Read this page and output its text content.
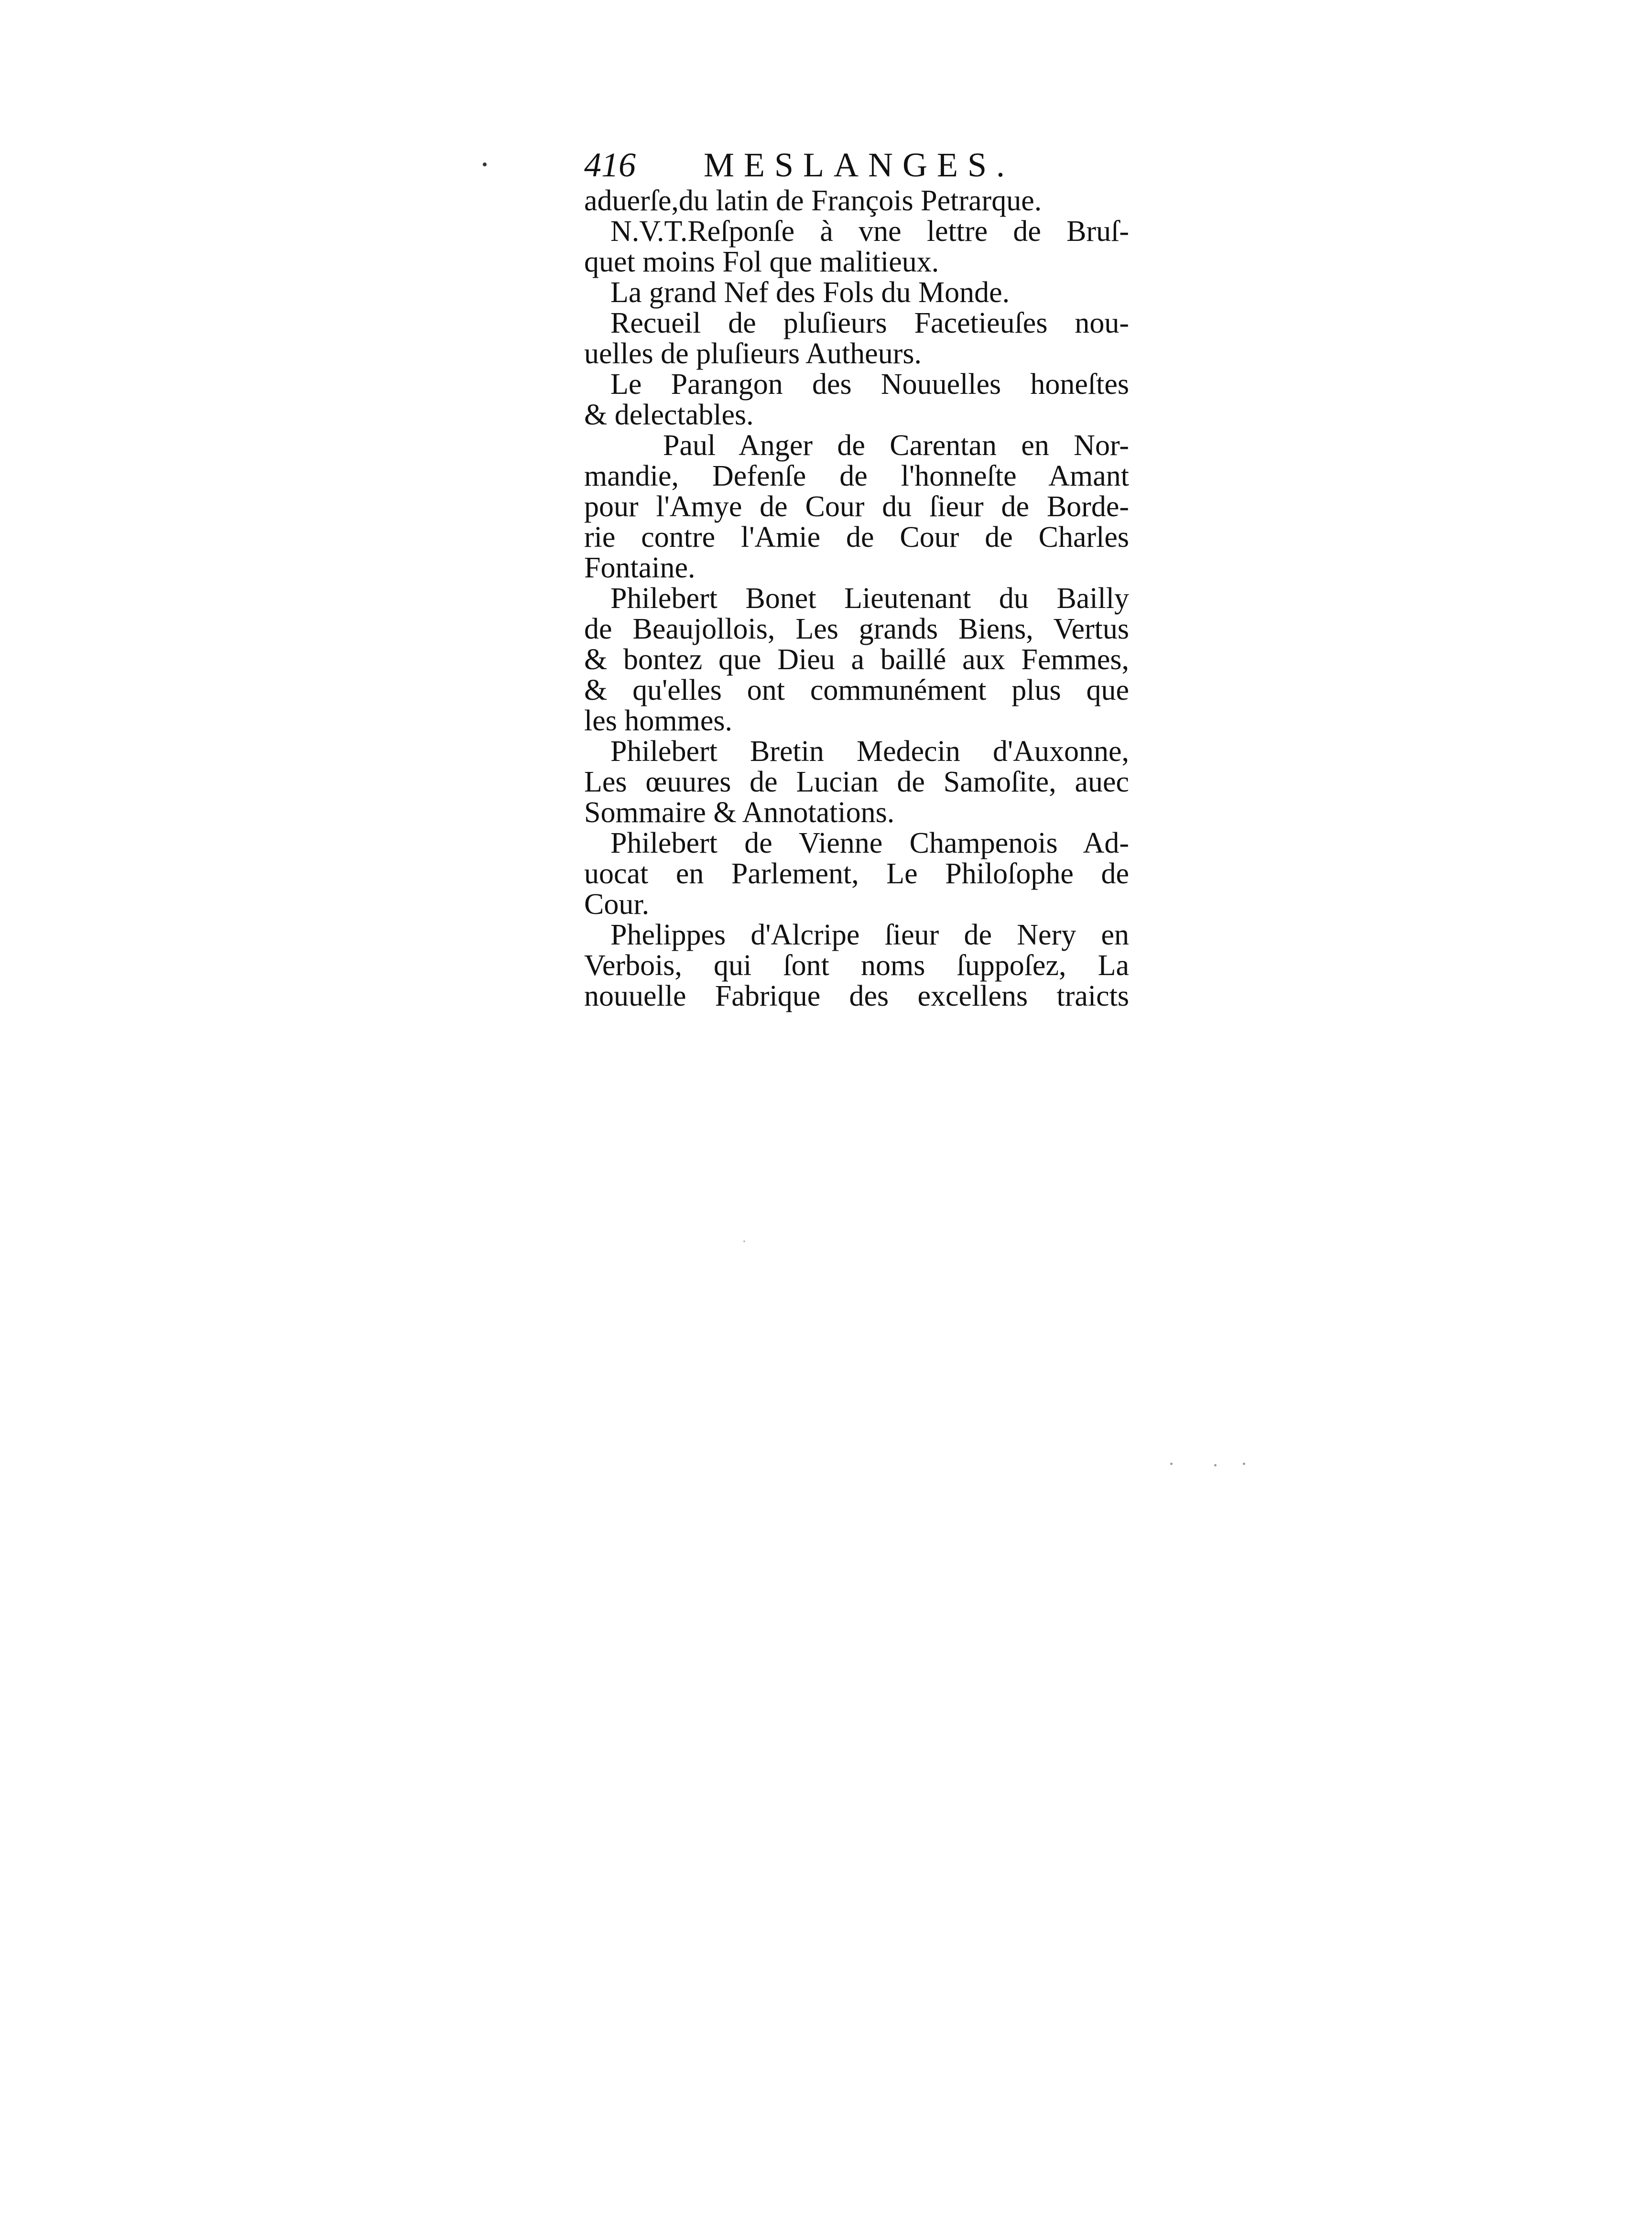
416 MESLANGES.

aduerſe,du latin de François Petrarque.

N.V.T.Reſponſe à vne lettre de Bruſ-
quet moins Fol que malitieux.

La grand Nef des Fols du Monde.

Recueil de pluſieurs Facetieuſes nou-
uelles de pluſieurs Autheurs.

Le Parangon des Nouuelles honeſtes
& delectables.

Paul Anger de Carentan en Nor-
mandie, Defenſe de l'honneſte Amant
pour l'Amye de Cour du ſieur de Borde-
rie contre l'Amie de Cour de Charles
Fontaine.

Philebert Bonet Lieutenant du Bailly
de Beaujollois, Les grands Biens, Vertus
& bontez que Dieu a baillé aux Femmes,
& qu'elles ont communément plus que
les hommes.

Philebert Bretin Medecin d'Auxonne,
Les œuures de Lucian de Samoſite, auec
Sommaire & Annotations.

Philebert de Vienne Champenois Ad-
uocat en Parlement, Le Philoſophe de
Cour.

Phelippes d'Alcripe ſieur de Nery en
Verbois, qui ſont noms ſuppoſez, La
nouuelle Fabrique des excellens traicts
